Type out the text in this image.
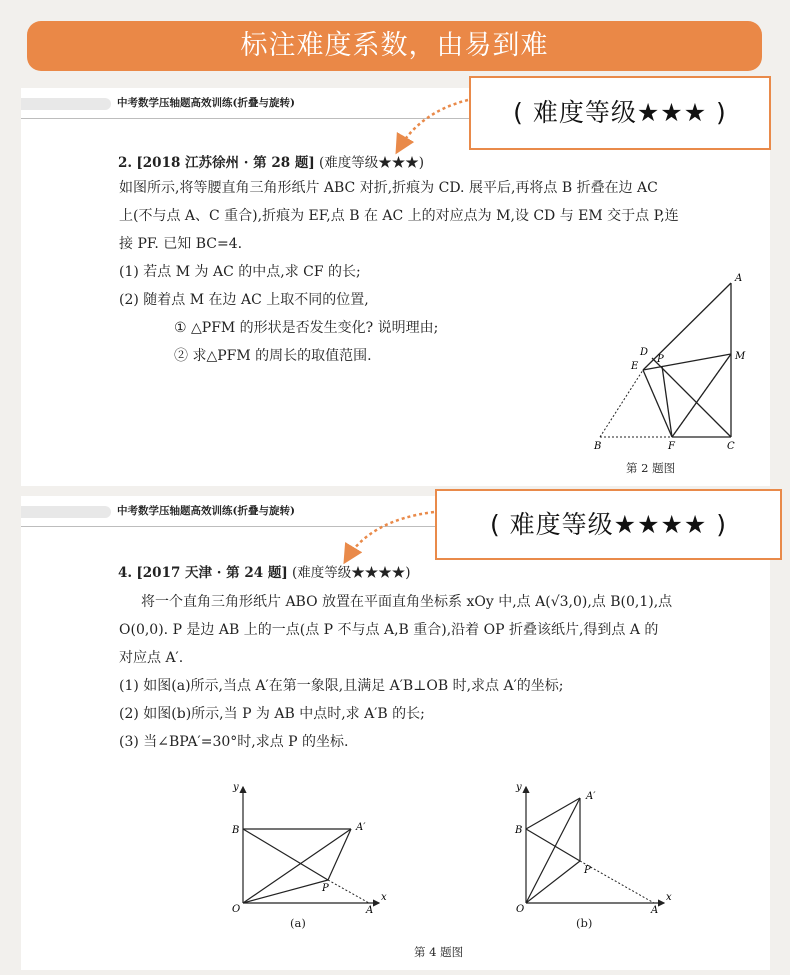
标注难度系数，由易到难
中考数学压轴题高效训练(折叠与旋转)
2. [2018 江苏徐州 · 第 28 题] (难度等级★★★)
如图所示,将等腰直角三角形纸片 ABC 对折,折痕为 CD. 展平后,再将点 B 折叠在边 AC
上(不与点 A、C 重合),折痕为 EF,点 B 在 AC 上的对应点为 M,设 CD 与 EM 交于点 P,连
接 PF. 已知 BC=4.
(1) 若点 M 为 AC 的中点,求 CF 的长;
(2) 随着点 M 在边 AC 上取不同的位置,
① △PFM 的形状是否发生变化? 说明理由;
② 求△PFM 的周长的取值范围.
A
D
P
E
M
B	F	C
第 2 题图
中考数学压轴题高效训练(折叠与旋转)
4. [2017 天津 · 第 24 题] (难度等级★★★★)
将一个直角三角形纸片 ABO 放置在平面直角坐标系 xOy 中,点 A(√3,0),点 B(0,1),点
O(0,0). P 是边 AB 上的一点(点 P 不与点 A,B 重合),沿着 OP 折叠该纸片,得到点 A 的
对应点 A′.
(1) 如图(a)所示,当点 A′在第一象限,且满足 A′B⊥OB 时,求点 A′的坐标;
(2) 如图(b)所示,当 P 为 AB 中点时,求 A′B 的长;
(3) 当∠BPA′=30°时,求点 P 的坐标.
y
x
O	A
B
P
A′
(a)
y
x
O	A
B
P
A′
(b)
第 4 题图
( 难度等级★★★ )
( 难度等级★★★★ )
